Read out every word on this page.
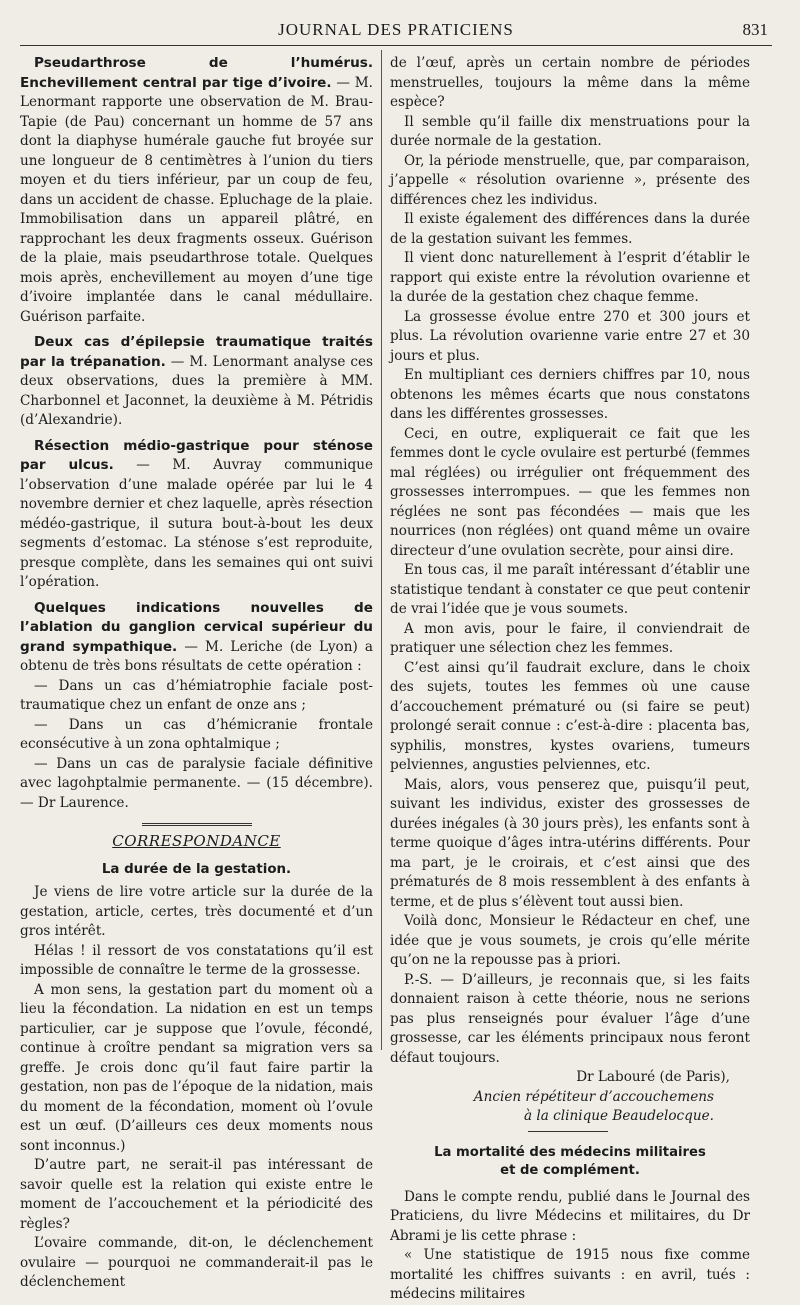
JOURNAL DES PRATICIENS	831

Pseudarthrose de l’humérus. Enchevillement central par tige d’ivoire. — M. Lenormant rapporte une observation de M. Brau-Tapie (de Pau) concernant un homme de 57 ans dont la diaphyse humérale gauche fut broyée sur une longueur de 8 centimètres à l’union du tiers moyen et du tiers inférieur, par un coup de feu, dans un accident de chasse. Epluchage de la plaie. Immobilisation dans un appareil plâtré, en rapprochant les deux fragments osseux. Guérison de la plaie, mais pseudarthrose totale. Quelques mois après, enchevillement au moyen d’une tige d’ivoire implantée dans le canal médullaire. Guérison parfaite.

Deux cas d’épilepsie traumatique traités par la trépanation. — M. Lenormant analyse ces deux observations, dues la première à MM. Charbonnel et Jaconnet, la deuxième à M. Pétridis (d’Alexandrie).

Résection médio-gastrique pour sténose par ulcus. — M. Auvray communique l’observation d’une malade opérée par lui le 4 novembre dernier et chez laquelle, après résection médéo-gastrique, il sutura bout-à-bout les deux segments d’estomac. La sténose s’est reproduite, presque complète, dans les semaines qui ont suivi l’opération.

Quelques indications nouvelles de l’ablation du ganglion cervical supérieur du grand sympathique. — M. Leriche (de Lyon) a obtenu de très bons résultats de cette opération :

— Dans un cas d’hémiatrophie faciale post-traumatique chez un enfant de onze ans ;

— Dans un cas d’hémicranie frontale econsécutive à un zona ophtalmique ;

— Dans un cas de paralysie faciale définitive avec lagohptalmie permanente. — (15 décembre). — Dr Laurence.

CORRESPONDANCE
La durée de la gestation.

Je viens de lire votre article sur la durée de la gestation, article, certes, très documenté et d’un gros intérêt.

Hélas ! il ressort de vos constatations qu’il est impossible de connaître le terme de la grossesse.

A mon sens, la gestation part du moment où a lieu la fécondation. La nidation en est un temps particulier, car je suppose que l’ovule, fécondé, continue à croître pendant sa migration vers sa greffe. Je crois donc qu’il faut faire partir la gestation, non pas de l’époque de la nidation, mais du moment de la fécondation, moment où l’ovule est un œuf. (D’ailleurs ces deux moments nous sont inconnus.)

D’autre part, ne serait-il pas intéressant de savoir quelle est la relation qui existe entre le moment de l’accouchement et la périodicité des règles?

L’ovaire commande, dit-on, le déclenchement ovulaire — pourquoi ne commanderait-il pas le déclenchement

de l’œuf, après un certain nombre de périodes menstruelles, toujours la même dans la même espèce?

Il semble qu’il faille dix menstruations pour la durée normale de la gestation.

Or, la période menstruelle, que, par comparaison, j’appelle « résolution ovarienne », présente des différences chez les individus.

Il existe également des différences dans la durée de la gestation suivant les femmes.

Il vient donc naturellement à l’esprit d’établir le rapport qui existe entre la révolution ovarienne et la durée de la gestation chez chaque femme.

La grossesse évolue entre 270 et 300 jours et plus. La révolution ovarienne varie entre 27 et 30 jours et plus.

En multipliant ces derniers chiffres par 10, nous obtenons les mêmes écarts que nous constatons dans les différentes grossesses.

Ceci, en outre, expliquerait ce fait que les femmes dont le cycle ovulaire est perturbé (femmes mal réglées) ou irrégulier ont fréquemment des grossesses interrompues. — que les femmes non réglées ne sont pas fécondées — mais que les nourrices (non réglées) ont quand même un ovaire directeur d’une ovulation secrète, pour ainsi dire.

En tous cas, il me paraît intéressant d’établir une statistique tendant à constater ce que peut contenir de vrai l’idée que je vous soumets.

A mon avis, pour le faire, il conviendrait de pratiquer une sélection chez les femmes.

C’est ainsi qu’il faudrait exclure, dans le choix des sujets, toutes les femmes où une cause d’accouchement prématuré ou (si faire se peut) prolongé serait connue : c’est-à-dire : placenta bas, syphilis, monstres, kystes ovariens, tumeurs pelviennes, angusties pelviennes, etc.

Mais, alors, vous penserez que, puisqu’il peut, suivant les individus, exister des grossesses de durées inégales (à 30 jours près), les enfants sont à terme quoique d’âges intra-utérins différents. Pour ma part, je le croirais, et c’est ainsi que des prématurés de 8 mois ressemblent à des enfants à terme, et de plus s’élèvent tout aussi bien.

Voilà donc, Monsieur le Rédacteur en chef, une idée que je vous soumets, je crois qu’elle mérite qu’on ne la repousse pas à priori.

P.-S. — D’ailleurs, je reconnais que, si les faits donnaient raison à cette théorie, nous ne serions pas plus renseignés pour évaluer l’âge d’une grossesse, car les éléments principaux nous feront défaut toujours.

Dr Labouré (de Paris),
Ancien répétiteur d’accouchemens
à la clinique Beaudelocque.
La mortalité des médecins militaires
et de complément.

Dans le compte rendu, publié dans le Journal des Praticiens, du livre Médecins et militaires, du Dr Abrami je lis cette phrase :

« Une statistique de 1915 nous fixe comme mortalité les chiffres suivants : en avril, tués : médecins militaires
